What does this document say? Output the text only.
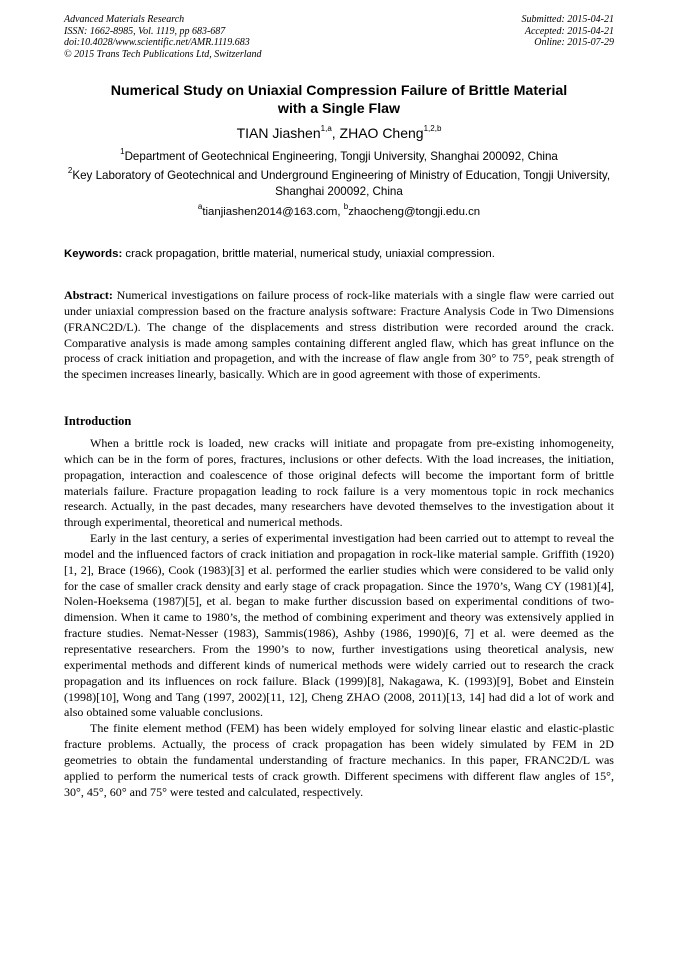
Advanced Materials Research
ISSN: 1662-8985, Vol. 1119, pp 683-687
doi:10.4028/www.scientific.net/AMR.1119.683
© 2015 Trans Tech Publications Ltd, Switzerland
Submitted: 2015-04-21
Accepted: 2015-04-21
Online: 2015-07-29
Numerical Study on Uniaxial Compression Failure of Brittle Material
with a Single Flaw
TIAN Jiashen$^{1,a}$, ZHAO Cheng$^{1,2,b}$
$^1$Department of Geotechnical Engineering, Tongji University, Shanghai 200092, China
$^2$Key Laboratory of Geotechnical and Underground Engineering of Ministry of Education, Tongji University, Shanghai 200092, China
$^a$tianjiashen2014@163.com, $^b$zhaocheng@tongji.edu.cn
Keywords: crack propagation, brittle material, numerical study, uniaxial compression.
Abstract: Numerical investigations on failure process of rock-like materials with a single flaw were carried out under uniaxial compression based on the fracture analysis software: Fracture Analysis Code in Two Dimensions (FRANC2D/L). The change of the displacements and stress distribution were recorded around the crack. Comparative analysis is made among samples containing different angled flaw, which has great influnce on the process of crack initiation and propagetion, and with the increase of flaw angle from 30° to 75°, peak strength of the specimen increases linearly, basically. Which are in good agreement with those of experiments.
Introduction

When a brittle rock is loaded, new cracks will initiate and propagate from pre-existing inhomogeneity, which can be in the form of pores, fractures, inclusions or other defects. With the load increases, the initiation, propagation, interaction and coalescence of those original defects will become the important form of brittle materials failure. Fracture propagation leading to rock failure is a very momentous topic in rock mechanics research. Actually, in the past decades, many researchers have devoted themselves to the investigation about it through experimental, theoretical and numerical methods.

Early in the last century, a series of experimental investigation had been carried out to attempt to reveal the model and the influenced factors of crack initiation and propagation in rock-like material sample. Griffith (1920)[1, 2], Brace (1966), Cook (1983)[3] et al. performed the earlier studies which were considered to be valid only for the case of smaller crack density and early stage of crack propagation. Since the 1970’s, Wang CY (1981)[4], Nolen-Hoeksema (1987)[5], et al. began to make further discussion based on experimental conditions of two-dimension. When it came to 1980’s, the method of combining experiment and theory was extensively applied in fracture studies. Nemat-Nesser (1983), Sammis(1986), Ashby (1986, 1990)[6, 7] et al. were deemed as the representative researchers. From the 1990’s to now, further investigations using theoretical analysis, new experimental methods and different kinds of numerical methods were widely carried out to research the crack propagation and its influences on rock failure. Black (1999)[8], Nakagawa, K. (1993)[9], Bobet and Einstein (1998)[10], Wong and Tang (1997, 2002)[11, 12], Cheng ZHAO (2008, 2011)[13, 14] had did a lot of work and also obtained some valuable conclusions.

The finite element method (FEM) has been widely employed for solving linear elastic and elastic-plastic fracture problems. Actually, the process of crack propagation has been widely simulated by FEM in 2D geometries to obtain the fundamental understanding of fracture mechanics. In this paper, FRANC2D/L was applied to perform the numerical tests of crack growth. Different specimens with different flaw angles of 15°, 30°, 45°, 60° and 75° were tested and calculated, respectively.
